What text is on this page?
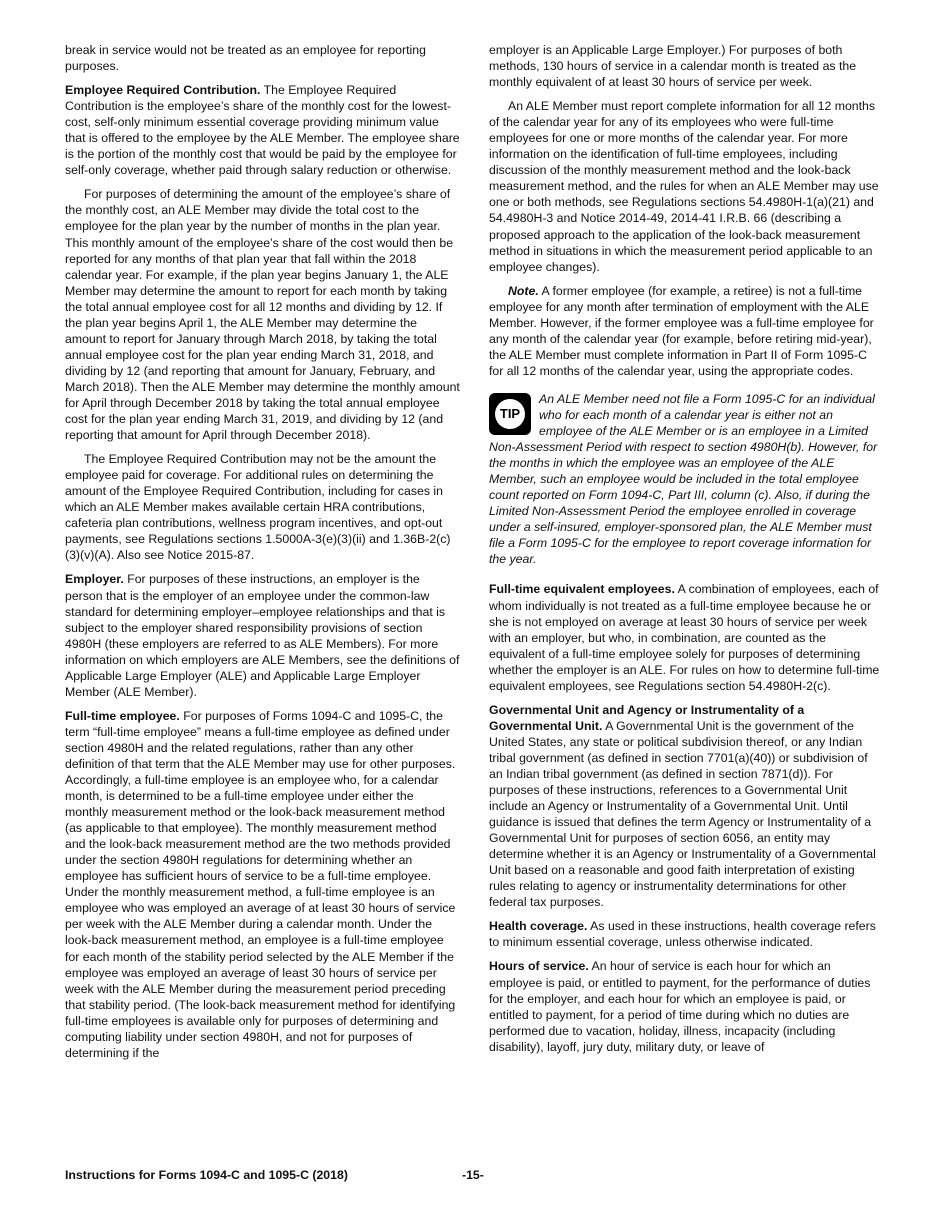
break in service would not be treated as an employee for reporting purposes.

Employee Required Contribution. The Employee Required Contribution is the employee’s share of the monthly cost for the lowest-cost, self-only minimum essential coverage providing minimum value that is offered to the employee by the ALE Member. The employee share is the portion of the monthly cost that would be paid by the employee for self-only coverage, whether paid through salary reduction or otherwise.

For purposes of determining the amount of the employee’s share of the monthly cost, an ALE Member may divide the total cost to the employee for the plan year by the number of months in the plan year. This monthly amount of the employee’s share of the cost would then be reported for any months of that plan year that fall within the 2018 calendar year. For example, if the plan year begins January 1, the ALE Member may determine the amount to report for each month by taking the total annual employee cost for all 12 months and dividing by 12. If the plan year begins April 1, the ALE Member may determine the amount to report for January through March 2018, by taking the total annual employee cost for the plan year ending March 31, 2018, and dividing by 12 (and reporting that amount for January, February, and March 2018). Then the ALE Member may determine the monthly amount for April through December 2018 by taking the total annual employee cost for the plan year ending March 31, 2019, and dividing by 12 (and reporting that amount for April through December 2018).

The Employee Required Contribution may not be the amount the employee paid for coverage. For additional rules on determining the amount of the Employee Required Contribution, including for cases in which an ALE Member makes available certain HRA contributions, cafeteria plan contributions, wellness program incentives, and opt-out payments, see Regulations sections 1.5000A-3(e)(3)(ii) and 1.36B-2(c)(3)(v)(A). Also see Notice 2015-87.

Employer. For purposes of these instructions, an employer is the person that is the employer of an employee under the common-law standard for determining employer–employee relationships and that is subject to the employer shared responsibility provisions of section 4980H (these employers are referred to as ALE Members). For more information on which employers are ALE Members, see the definitions of Applicable Large Employer (ALE) and Applicable Large Employer Member (ALE Member).

Full-time employee. For purposes of Forms 1094-C and 1095-C, the term “full-time employee” means a full-time employee as defined under section 4980H and the related regulations, rather than any other definition of that term that the ALE Member may use for other purposes. Accordingly, a full-time employee is an employee who, for a calendar month, is determined to be a full-time employee under either the monthly measurement method or the look-back measurement method (as applicable to that employee). The monthly measurement method and the look-back measurement method are the two methods provided under the section 4980H regulations for determining whether an employee has sufficient hours of service to be a full-time employee. Under the monthly measurement method, a full-time employee is an employee who was employed an average of at least 30 hours of service per week with the ALE Member during a calendar month. Under the look-back measurement method, an employee is a full-time employee for each month of the stability period selected by the ALE Member if the employee was employed an average of least 30 hours of service per week with the ALE Member during the measurement period preceding that stability period. (The look-back measurement method for identifying full-time employees is available only for purposes of determining and computing liability under section 4980H, and not for purposes of determining if the

employer is an Applicable Large Employer.) For purposes of both methods, 130 hours of service in a calendar month is treated as the monthly equivalent of at least 30 hours of service per week.

An ALE Member must report complete information for all 12 months of the calendar year for any of its employees who were full-time employees for one or more months of the calendar year. For more information on the identification of full-time employees, including discussion of the monthly measurement method and the look-back measurement method, and the rules for when an ALE Member may use one or both methods, see Regulations sections 54.4980H-1(a)(21) and 54.4980H-3 and Notice 2014-49, 2014-41 I.R.B. 66 (describing a proposed approach to the application of the look-back measurement method in situations in which the measurement period applicable to an employee changes).

Note. A former employee (for example, a retiree) is not a full-time employee for any month after termination of employment with the ALE Member. However, if the former employee was a full-time employee for any month of the calendar year (for example, before retiring mid-year), the ALE Member must complete information in Part II of Form 1095-C for all 12 months of the calendar year, using the appropriate codes.

TIP
An ALE Member need not file a Form 1095-C for an individual who for each month of a calendar year is either not an employee of the ALE Member or is an employee in a Limited Non-Assessment Period with respect to section 4980H(b). However, for the months in which the employee was an employee of the ALE Member, such an employee would be included in the total employee count reported on Form 1094-C, Part III, column (c). Also, if during the Limited Non-Assessment Period the employee enrolled in coverage under a self-insured, employer-sponsored plan, the ALE Member must file a Form 1095-C for the employee to report coverage information for the year.

Full-time equivalent employees. A combination of employees, each of whom individually is not treated as a full-time employee because he or she is not employed on average at least 30 hours of service per week with an employer, but who, in combination, are counted as the equivalent of a full-time employee solely for purposes of determining whether the employer is an ALE. For rules on how to determine full-time equivalent employees, see Regulations section 54.4980H-2(c).

Governmental Unit and Agency or Instrumentality of a Governmental Unit. A Governmental Unit is the government of the United States, any state or political subdivision thereof, or any Indian tribal government (as defined in section 7701(a)(40)) or subdivision of an Indian tribal government (as defined in section 7871(d)). For purposes of these instructions, references to a Governmental Unit include an Agency or Instrumentality of a Governmental Unit. Until guidance is issued that defines the term Agency or Instrumentality of a Governmental Unit for purposes of section 6056, an entity may determine whether it is an Agency or Instrumentality of a Governmental Unit based on a reasonable and good faith interpretation of existing rules relating to agency or instrumentality determinations for other federal tax purposes.

Health coverage. As used in these instructions, health coverage refers to minimum essential coverage, unless otherwise indicated.

Hours of service. An hour of service is each hour for which an employee is paid, or entitled to payment, for the performance of duties for the employer, and each hour for which an employee is paid, or entitled to payment, for a period of time during which no duties are performed due to vacation, holiday, illness, incapacity (including disability), layoff, jury duty, military duty, or leave of

Instructions for Forms 1094-C and 1095-C (2018)	-15-
